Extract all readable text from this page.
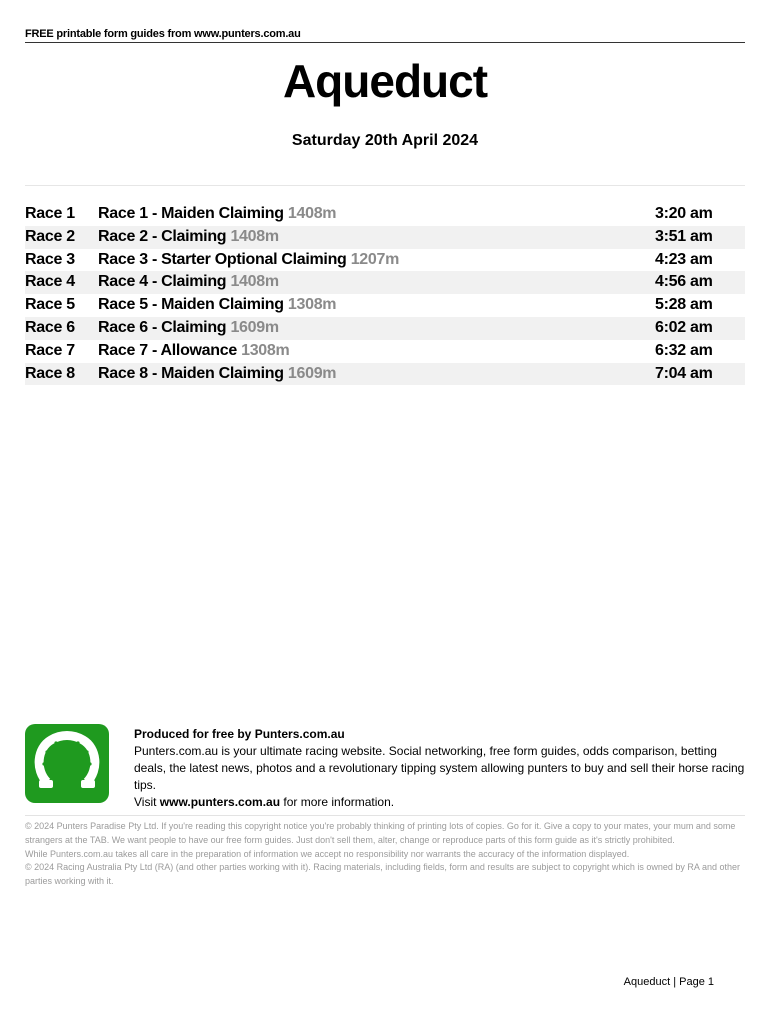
FREE printable form guides from www.punters.com.au
Aqueduct
Saturday 20th April 2024
Race 1	Race 1 - Maiden Claiming 1408m	3:20 am
Race 2	Race 2 - Claiming 1408m	3:51 am
Race 3	Race 3 - Starter Optional Claiming 1207m	4:23 am
Race 4	Race 4 - Claiming 1408m	4:56 am
Race 5	Race 5 - Maiden Claiming 1308m	5:28 am
Race 6	Race 6 - Claiming 1609m	6:02 am
Race 7	Race 7 - Allowance 1308m	6:32 am
Race 8	Race 8 - Maiden Claiming 1609m	7:04 am
Produced for free by Punters.com.au
Punters.com.au is your ultimate racing website. Social networking, free form guides, odds comparison, betting deals, the latest news, photos and a revolutionary tipping system allowing punters to buy and sell their horse racing tips.
Visit www.punters.com.au for more information.
© 2024 Punters Paradise Pty Ltd. If you're reading this copyright notice you're probably thinking of printing lots of copies. Go for it. Give a copy to your mates, your mum and some strangers at the TAB. We want people to have our free form guides. Just don't sell them, alter, change or reproduce parts of this form guide as it's strictly prohibited.
While Punters.com.au takes all care in the preparation of information we accept no responsibility nor warrants the accuracy of the information displayed.
© 2024 Racing Australia Pty Ltd (RA) (and other parties working with it). Racing materials, including fields, form and results are subject to copyright which is owned by RA and other parties working with it.
Aqueduct | Page 1
